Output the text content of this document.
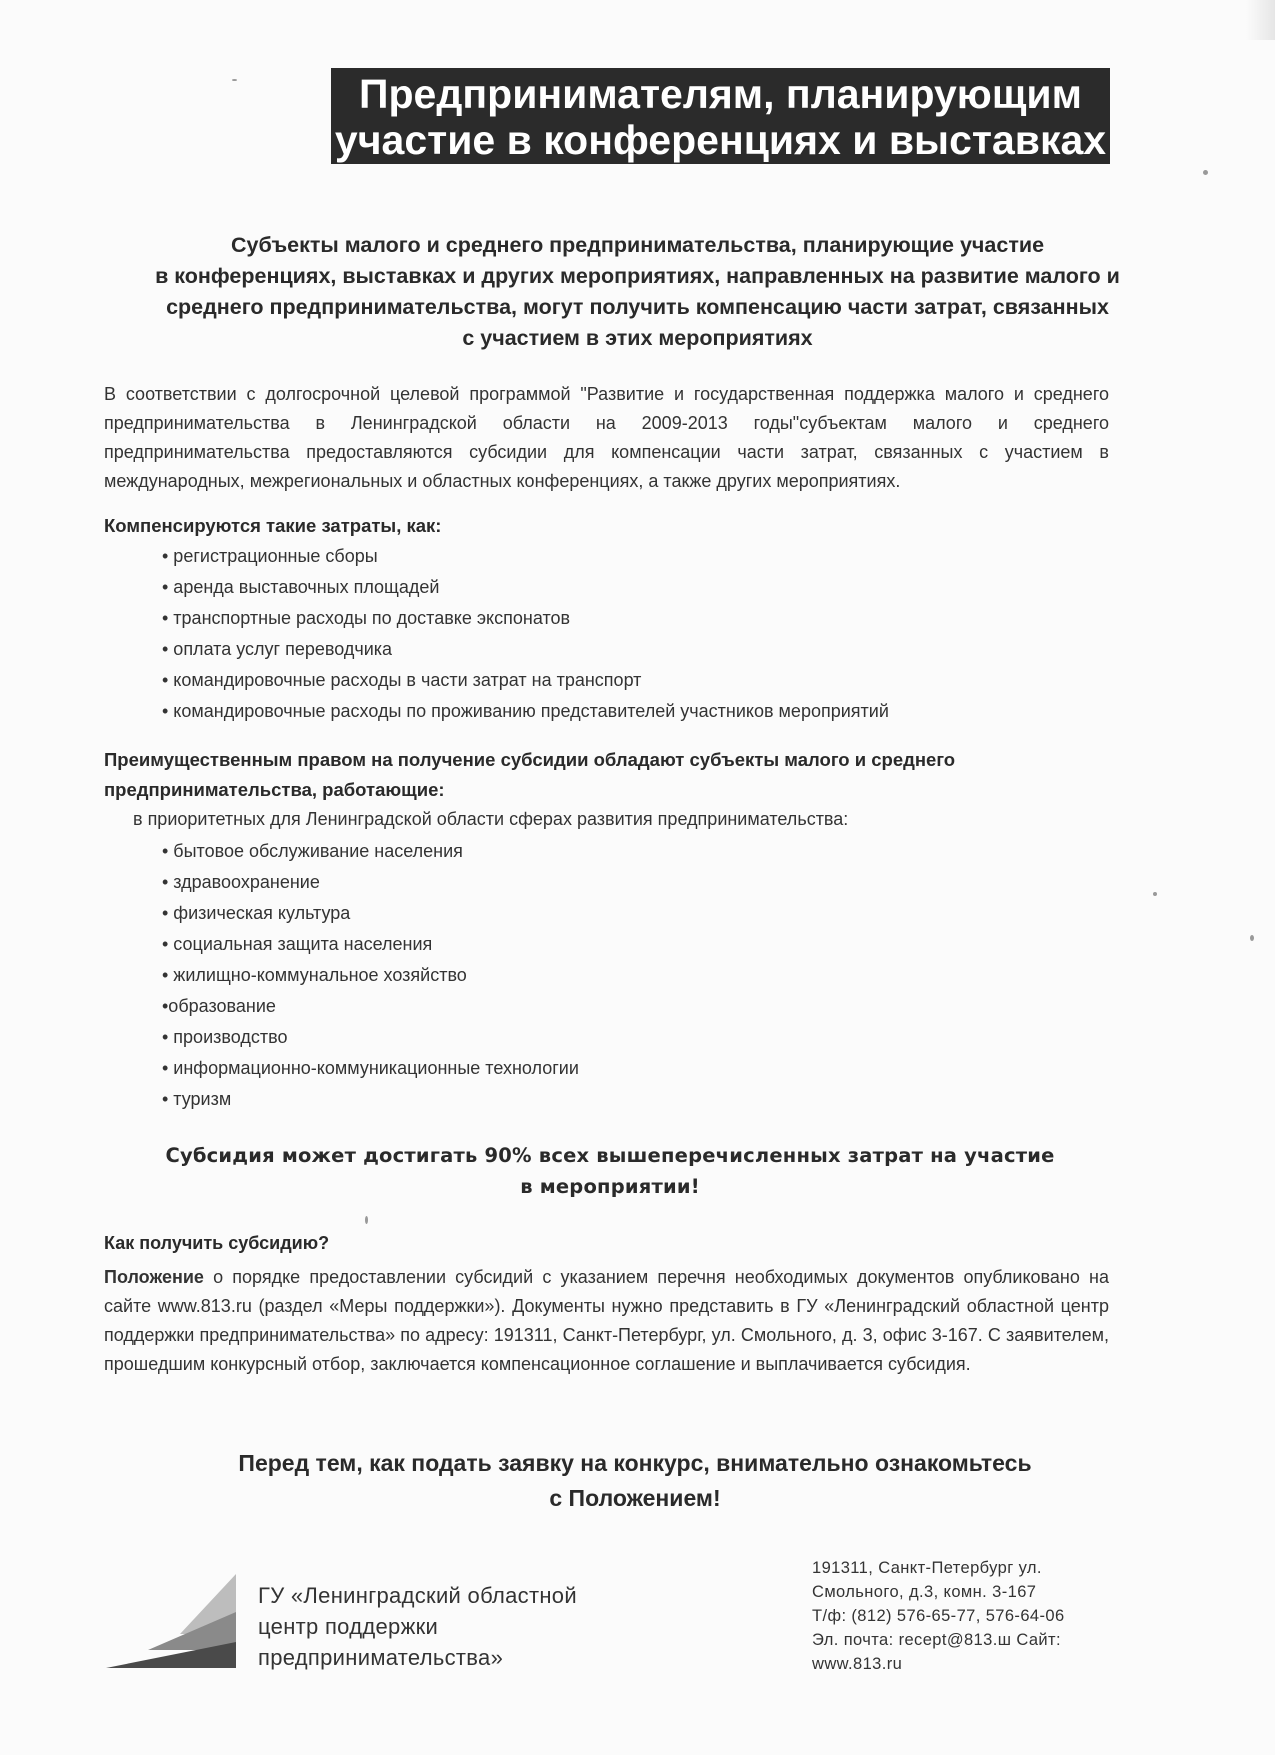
Предпринимателям, планирующим
участие в конференциях и выставках
Субъекты малого и среднего предпринимательства, планирующие участие
в конференциях, выставках и других мероприятиях, направленных на развитие малого и
среднего предпринимательства, могут получить компенсацию части затрат, связанных
с участием в этих мероприятиях
В соответствии с долгосрочной целевой программой "Развитие и государственная поддержка малого и среднего предпринимательства в Ленинградской области на 2009-2013 годы"субъектам малого и среднего предпринимательства предоставляются субсидии для компенсации части затрат, связанных с участием в международных, межрегиональных и областных конференциях, а также других мероприятиях.
Компенсируются такие затраты, как:
• регистрационные сборы
• аренда выставочных площадей
• транспортные расходы по доставке экспонатов
• оплата услуг переводчика
• командировочные расходы в части затрат на транспорт
• командировочные расходы по проживанию представителей участников мероприятий
Преимущественным правом на получение субсидии обладают субъекты малого и среднего предпринимательства, работающие:
в приоритетных для Ленинградской области сферах развития предпринимательства:
• бытовое обслуживание населения
• здравоохранение
• физическая культура
• социальная защита населения
• жилищно-коммунальное хозяйство
•образование
• производство
• информационно-коммуникационные технологии
• туризм
Субсидия может достигать 90% всех вышеперечисленных затрат на участие
в мероприятии!
Как получить субсидию?
Положение о порядке предоставлении субсидий с указанием перечня необходимых документов опубликовано на сайте www.813.ru (раздел «Меры поддержки»). Документы нужно представить в ГУ «Ленинградский областной центр поддержки предпринимательства» по адресу: 191311, Санкт-Петербург, ул. Смольного, д. 3, офис 3-167. С заявителем, прошедшим конкурсный отбор, заключается компенсационное соглашение и выплачивается субсидия.
Перед тем, как подать заявку на конкурс, внимательно ознакомьтесь
с Положением!
ГУ «Ленинградский областной
центр поддержки
предпринимательства»
191311, Санкт-Петербург ул.
Смольного, д.3, комн. 3-167
Т/ф: (812) 576-65-77, 576-64-06
Эл. почта: recept@813.ш Сайт:
www.813.ru
